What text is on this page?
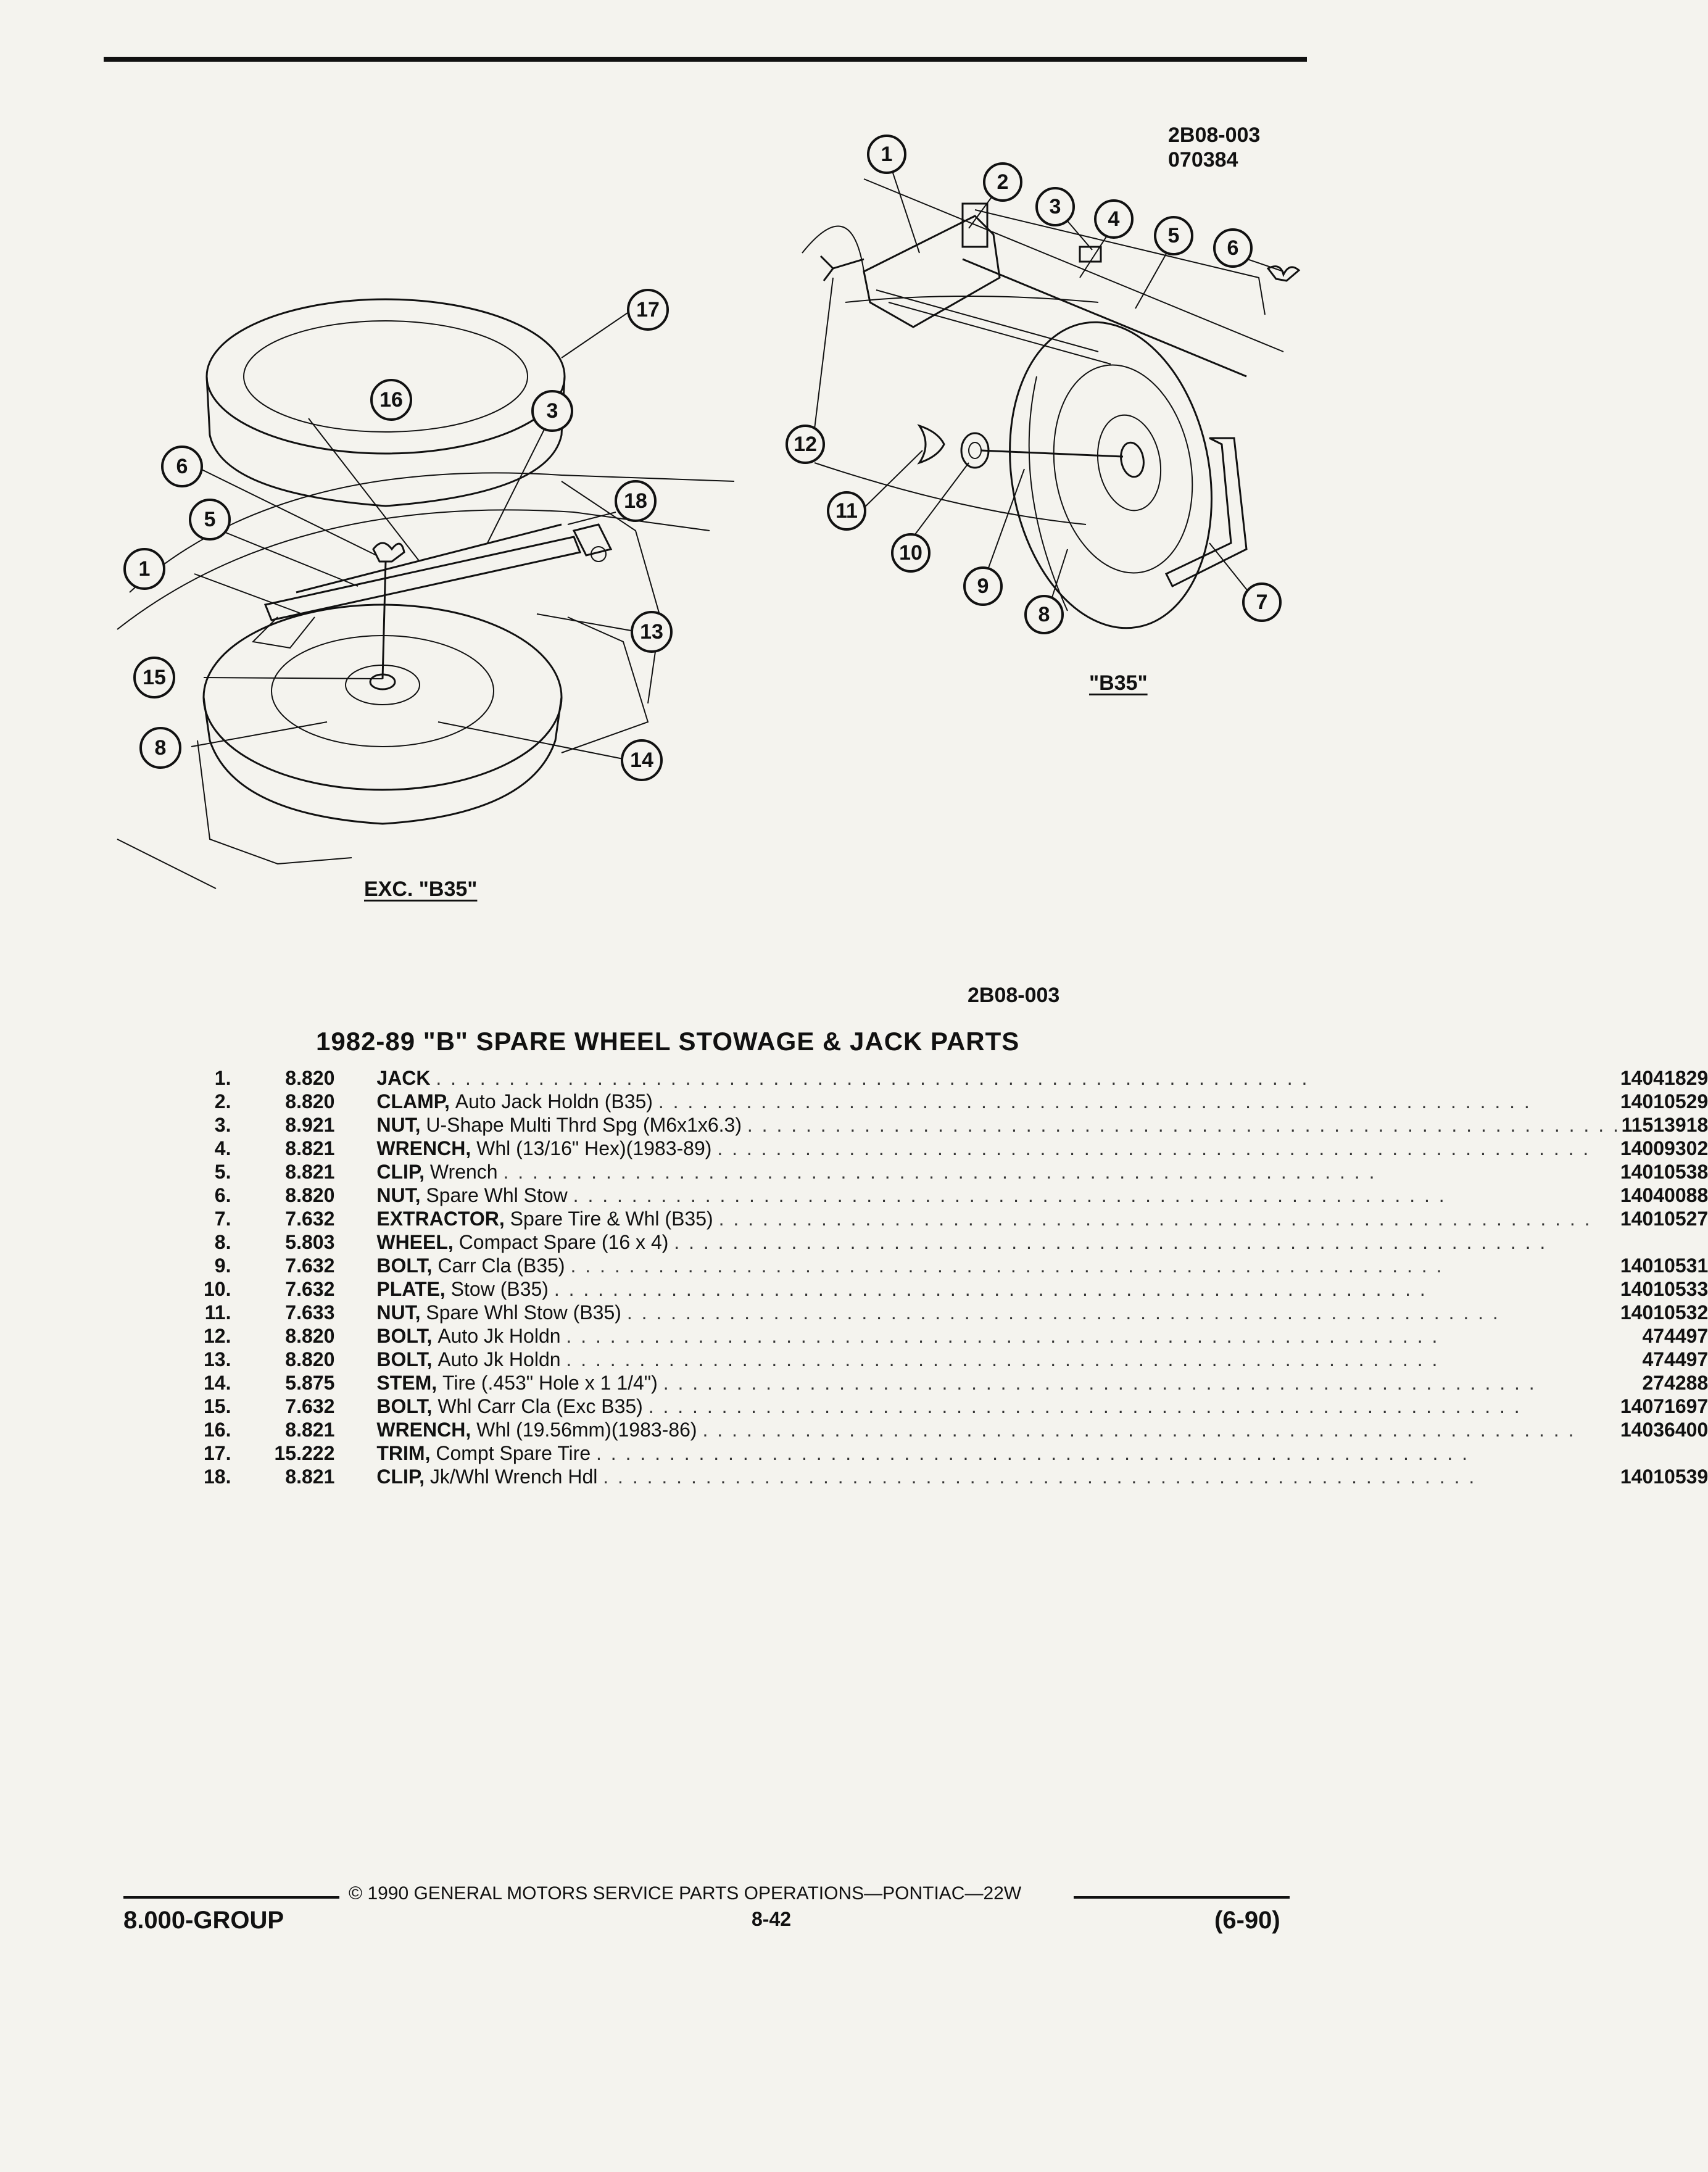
2B08-003
070384
17
16	3
6
18
5
1
13
15
8
14
EXC. "B35"
1
2
3
4
5
6
12
11
10
9
8
7
"B35"
2B08-003
1982-89 "B" SPARE WHEEL STOWAGE & JACK PARTS
1.	8.820	JACK . . . . . . . . . . . . . . . . . . . . . . . . . . . . . . . . . . . . . . . . . . . . . . . . . . . . . . . . . . . .	14041829
2.	8.820	CLAMP, Auto Jack Holdn (B35) . . . . . . . . . . . . . . . . . . . . . . . . . . . . . . . . . . . . . . . . . . . . . . . . . . . . . . . . . . . .	14010529
3.	8.921	NUT, U-Shape Multi Thrd Spg (M6x1x6.3) . . . . . . . . . . . . . . . . . . . . . . . . . . . . . . . . . . . . . . . . . . . . . . . . . . . . . . . . . . . .	11513918
4.	8.821	WRENCH, Whl (13/16" Hex)(1983-89) . . . . . . . . . . . . . . . . . . . . . . . . . . . . . . . . . . . . . . . . . . . . . . . . . . . . . . . . . . . .	14009302
5.	8.821	CLIP, Wrench . . . . . . . . . . . . . . . . . . . . . . . . . . . . . . . . . . . . . . . . . . . . . . . . . . . . . . . . . . . .	14010538
6.	8.820	NUT, Spare Whl Stow . . . . . . . . . . . . . . . . . . . . . . . . . . . . . . . . . . . . . . . . . . . . . . . . . . . . . . . . . . . .	14040088
7.	7.632	EXTRACTOR, Spare Tire & Whl (B35) . . . . . . . . . . . . . . . . . . . . . . . . . . . . . . . . . . . . . . . . . . . . . . . . . . . . . . . . . . . .	14010527
8.	5.803	WHEEL, Compact Spare (16 x 4) . . . . . . . . . . . . . . . . . . . . . . . . . . . . . . . . . . . . . . . . . . . . . . . . . . . . . . . . . . . .	
9.	7.632	BOLT, Carr Cla (B35) . . . . . . . . . . . . . . . . . . . . . . . . . . . . . . . . . . . . . . . . . . . . . . . . . . . . . . . . . . . .	14010531
10.	7.632	PLATE, Stow (B35) . . . . . . . . . . . . . . . . . . . . . . . . . . . . . . . . . . . . . . . . . . . . . . . . . . . . . . . . . . . .	14010533
11.	7.633	NUT, Spare Whl Stow (B35) . . . . . . . . . . . . . . . . . . . . . . . . . . . . . . . . . . . . . . . . . . . . . . . . . . . . . . . . . . . .	14010532
12.	8.820	BOLT, Auto Jk Holdn . . . . . . . . . . . . . . . . . . . . . . . . . . . . . . . . . . . . . . . . . . . . . . . . . . . . . . . . . . . .	474497
13.	8.820	BOLT, Auto Jk Holdn . . . . . . . . . . . . . . . . . . . . . . . . . . . . . . . . . . . . . . . . . . . . . . . . . . . . . . . . . . . .	474497
14.	5.875	STEM, Tire (.453" Hole x 1 1/4") . . . . . . . . . . . . . . . . . . . . . . . . . . . . . . . . . . . . . . . . . . . . . . . . . . . . . . . . . . . .	274288
15.	7.632	BOLT, Whl Carr Cla (Exc B35) . . . . . . . . . . . . . . . . . . . . . . . . . . . . . . . . . . . . . . . . . . . . . . . . . . . . . . . . . . . .	14071697
16.	8.821	WRENCH, Whl (19.56mm)(1983-86) . . . . . . . . . . . . . . . . . . . . . . . . . . . . . . . . . . . . . . . . . . . . . . . . . . . . . . . . . . . .	14036400
17.	15.222	TRIM, Compt Spare Tire . . . . . . . . . . . . . . . . . . . . . . . . . . . . . . . . . . . . . . . . . . . . . . . . . . . . . . . . . . . .	
18.	8.821	CLIP, Jk/Whl Wrench Hdl . . . . . . . . . . . . . . . . . . . . . . . . . . . . . . . . . . . . . . . . . . . . . . . . . . . . . . . . . . . .	14010539
© 1990 GENERAL MOTORS SERVICE PARTS OPERATIONS—PONTIAC—22W
8.000-GROUP	8-42	(6-90)
